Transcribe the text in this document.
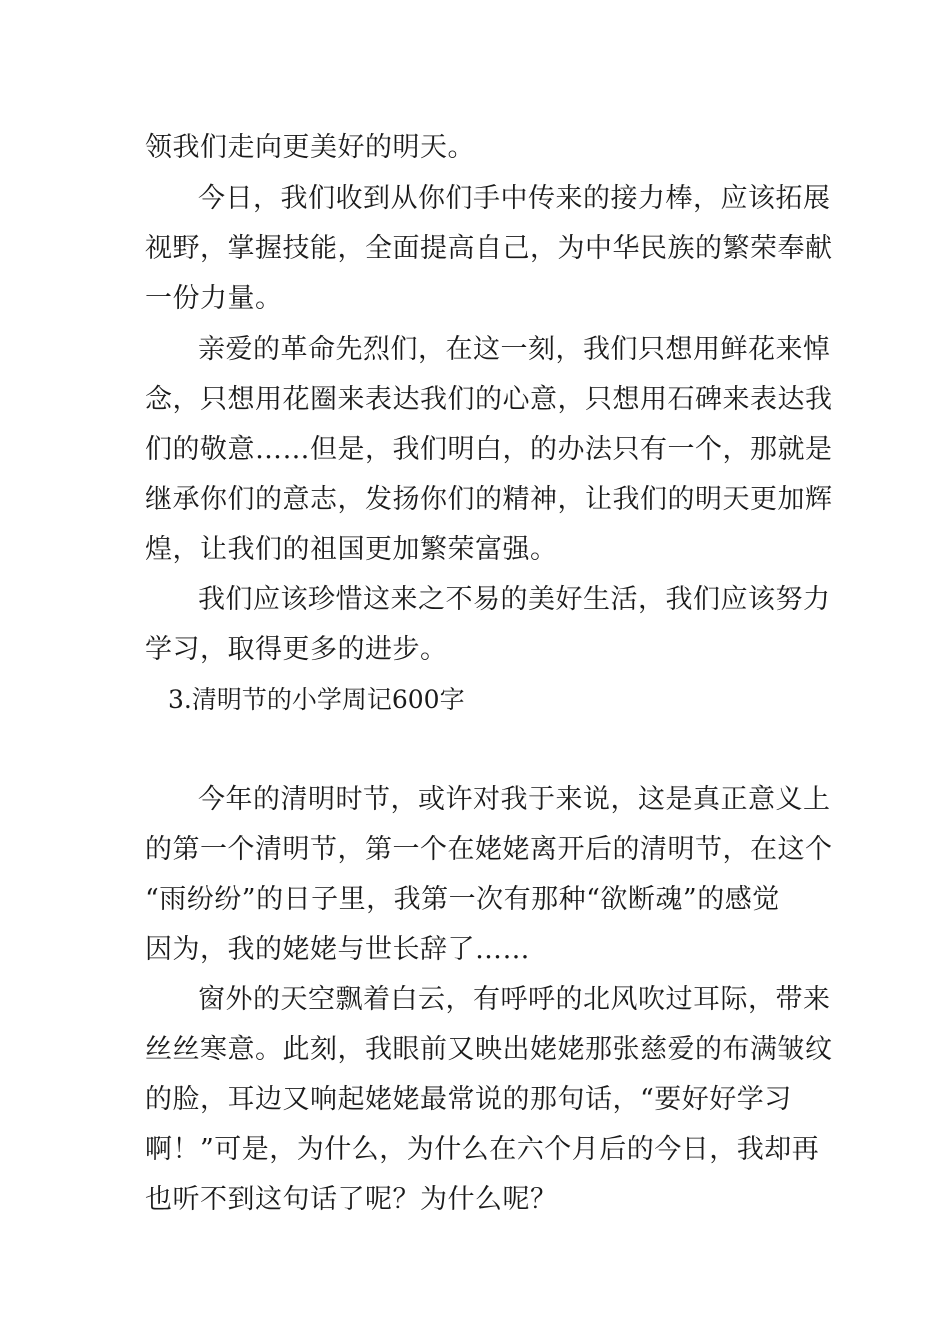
领我们走向更美好的明天。
今日，我们收到从你们手中传来的接力棒，应该拓展
视野，掌握技能，全面提高自己，为中华民族的繁荣奉献
一份力量。
亲爱的革命先烈们，在这一刻，我们只想用鲜花来悼
念，只想用花圈来表达我们的心意，只想用石碑来表达我
们的敬意……但是，我们明白，的办法只有一个，那就是
继承你们的意志，发扬你们的精神，让我们的明天更加辉
煌，让我们的祖国更加繁荣富强。
我们应该珍惜这来之不易的美好生活，我们应该努力
学习，取得更多的进步。
3.清明节的小学周记600字
今年的清明时节，或许对我于来说，这是真正意义上
的第一个清明节，第一个在姥姥离开后的清明节，在这个
“雨纷纷”的日子里，我第一次有那种“欲断魂”的感觉
因为，我的姥姥与世长辞了……
窗外的天空飘着白云，有呼呼的北风吹过耳际，带来
丝丝寒意。此刻，我眼前又映出姥姥那张慈爱的布满皱纹
的脸，耳边又响起姥姥最常说的那句话，“要好好学习
啊！”可是，为什么，为什么在六个月后的今日，我却再
也听不到这句话了呢？为什么呢？
